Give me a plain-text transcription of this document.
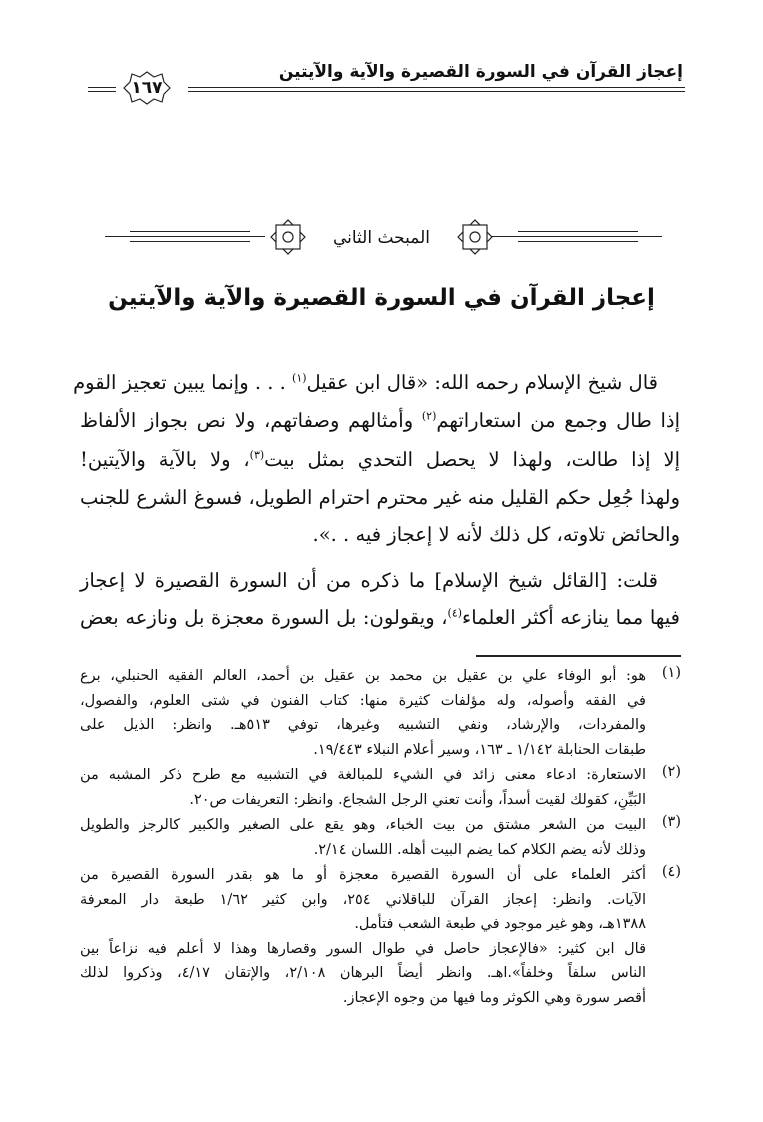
إعجاز القرآن في السورة القصيرة والآية والآيتين
١٦٧
المبحث الثاني
إعجاز القرآن في السورة القصيرة والآية والآيتين
قال شيخ الإسلام رحمه الله: «قال ابن عقيل$^{(١)}$ . . . وإنما يبين تعجيز القوم
إذا طال وجمع من استعاراتهم$^{(٢)}$ وأمثالهم وصفاتهم، ولا نص بجواز الألفاظ
إلا إذا طالت، ولهذا لا يحصل التحدي بمثل بيت$^{(٣)}$، ولا بالآية والآيتين!
ولهذا جُعِل حكم القليل منه غير محترم احترام الطويل، فسوغ الشرع للجنب
والحائض تلاوته، كل ذلك لأنه لا إعجاز فيه . .».
قلت: [القائل شيخ الإسلام] ما ذكره من أن السورة القصيرة لا إعجاز
فيها مما ينازعه أكثر العلماء$^{(٤)}$، ويقولون: بل السورة معجزة بل ونازعه بعض
(١)
هو: أبو الوفاء علي بن عقيل بن محمد بن عقيل بن أحمد، العالم الفقيه الحنبلي، برع
في الفقه وأصوله، وله مؤلفات كثيرة منها: كتاب الفنون في شتى العلوم، والفصول،
والمفردات، والإرشاد، ونفي التشبيه وغيرها، توفي ٥١٣هـ. وانظر: الذيل على
طبقات الحنابلة ١/١٤٢ ـ ١٦٣، وسير أعلام النبلاء ١٩/٤٤٣.
(٢)
الاستعارة: ادعاء معنى زائد في الشيء للمبالغة في التشبيه مع طرح ذكر المشبه من
البَيِّنِ، كقولك لقيت أسداً، وأنت تعني الرجل الشجاع. وانظر: التعريفات ص٢٠.
(٣)
البيت من الشعر مشتق من بيت الخباء، وهو يقع على الصغير والكبير كالرجز والطويل
وذلك لأنه يضم الكلام كما يضم البيت أهله. اللسان ٢/١٤.
(٤)
أكثر العلماء على أن السورة القصيرة معجزة أو ما هو بقدر السورة القصيرة من
الآيات. وانظر: إعجاز القرآن للباقلاني ٢٥٤، وابن كثير ١/٦٢ طبعة دار المعرفة
١٣٨٨هـ، وهو غير موجود في طبعة الشعب فتأمل.
قال ابن كثير: «فالإعجاز حاصل في طوال السور وقصارها وهذا لا أعلم فيه نزاعاً بين
الناس سلفاً وخلفاً».اهـ. وانظر أيضاً البرهان ٢/١٠٨، والإتقان ٤/١٧، وذكروا لذلك
أقصر سورة وهي الكوثر وما فيها من وجوه الإعجاز.
